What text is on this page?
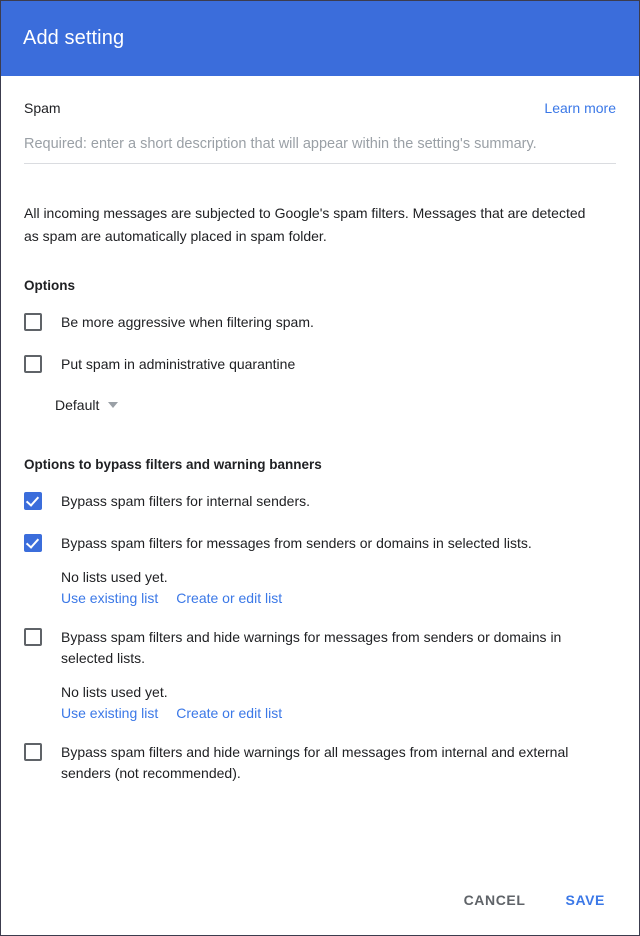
Add setting
Spam	Learn more
Required: enter a short description that will appear within the setting's summary.
All incoming messages are subjected to Google's spam filters. Messages that are detected as spam are automatically placed in spam folder.
Options
Be more aggressive when filtering spam.
Put spam in administrative quarantine
Default
Options to bypass filters and warning banners
Bypass spam filters for internal senders.
Bypass spam filters for messages from senders or domains in selected lists.
No lists used yet.
Use existing list Create or edit list
Bypass spam filters and hide warnings for messages from senders or domains in selected lists.
No lists used yet.
Use existing list Create or edit list
Bypass spam filters and hide warnings for all messages from internal and external senders (not recommended).
CANCEL	SAVE
